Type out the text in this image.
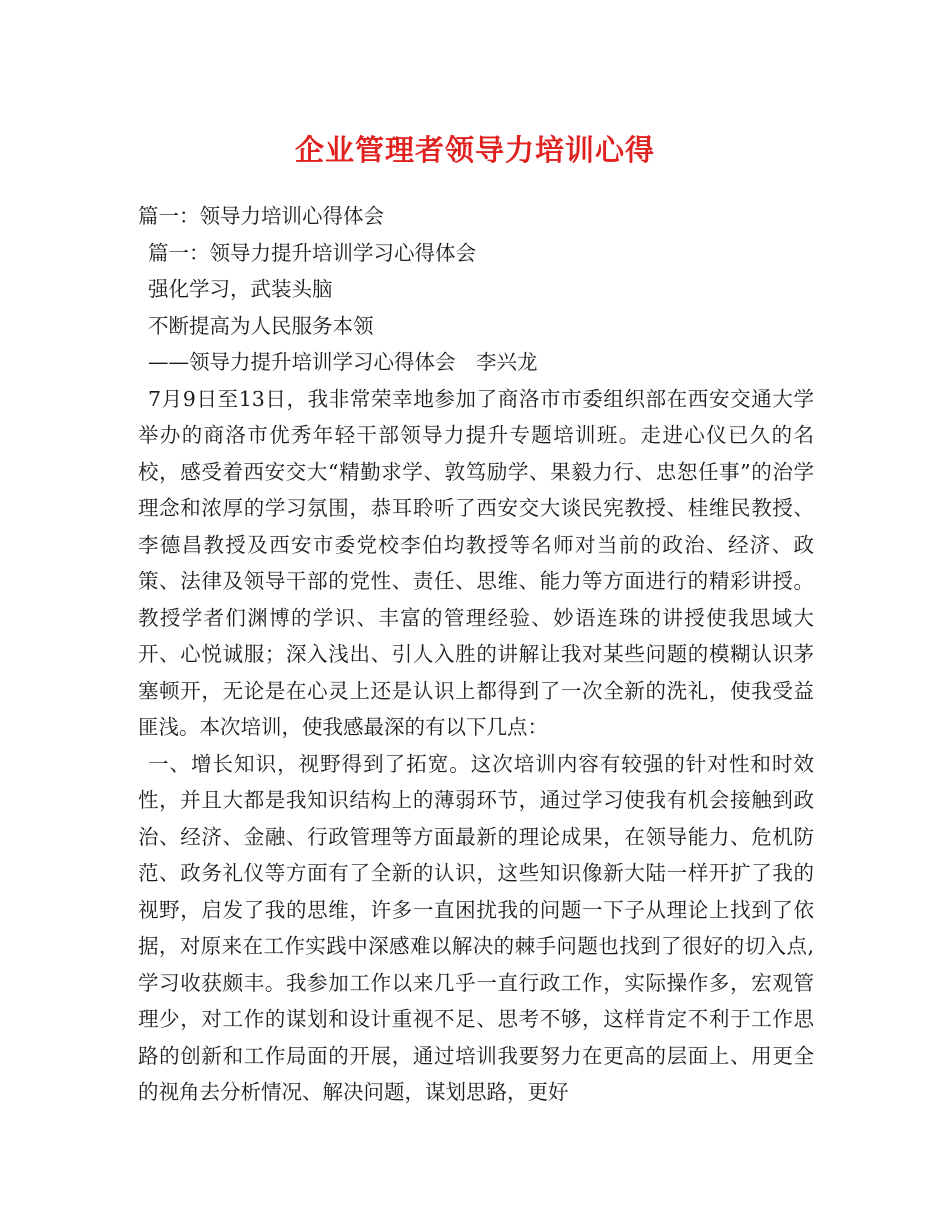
企业管理者领导力培训心得
篇一：领导力培训心得体会
篇一：领导力提升培训学习心得体会
强化学习，武装头脑
不断提高为人民服务本领
——领导力提升培训学习心得体会　李兴龙
7月9日至13日，我非常荣幸地参加了商洛市市委组织部在西安交通大学举办的商洛市优秀年轻干部领导力提升专题培训班。走进心仪已久的名校，感受着西安交大“精勤求学、敦笃励学、果毅力行、忠恕任事”的治学理念和浓厚的学习氛围，恭耳聆听了西安交大谈民宪教授、桂维民教授、李德昌教授及西安市委党校李伯均教授等名师对当前的政治、经济、政策、法律及领导干部的党性、责任、思维、能力等方面进行的精彩讲授。教授学者们渊博的学识、丰富的管理经验、妙语连珠的讲授使我思域大开、心悦诚服；深入浅出、引人入胜的讲解让我对某些问题的模糊认识茅塞顿开，无论是在心灵上还是认识上都得到了一次全新的洗礼，使我受益匪浅。本次培训，使我感最深的有以下几点：
一、增长知识，视野得到了拓宽。这次培训内容有较强的针对性和时效性，并且大都是我知识结构上的薄弱环节，通过学习使我有机会接触到政治、经济、金融、行政管理等方面最新的理论成果，在领导能力、危机防范、政务礼仪等方面有了全新的认识，这些知识像新大陆一样开扩了我的视野，启发了我的思维，许多一直困扰我的问题一下子从理论上找到了依据，对原来在工作实践中深感难以解决的棘手问题也找到了很好的切入点,学习收获颇丰。我参加工作以来几乎一直行政工作，实际操作多，宏观管理少，对工作的谋划和设计重视不足、思考不够，这样肯定不利于工作思路的创新和工作局面的开展，通过培训我要努力在更高的层面上、用更全的视角去分析情况、解决问题，谋划思路，更好
